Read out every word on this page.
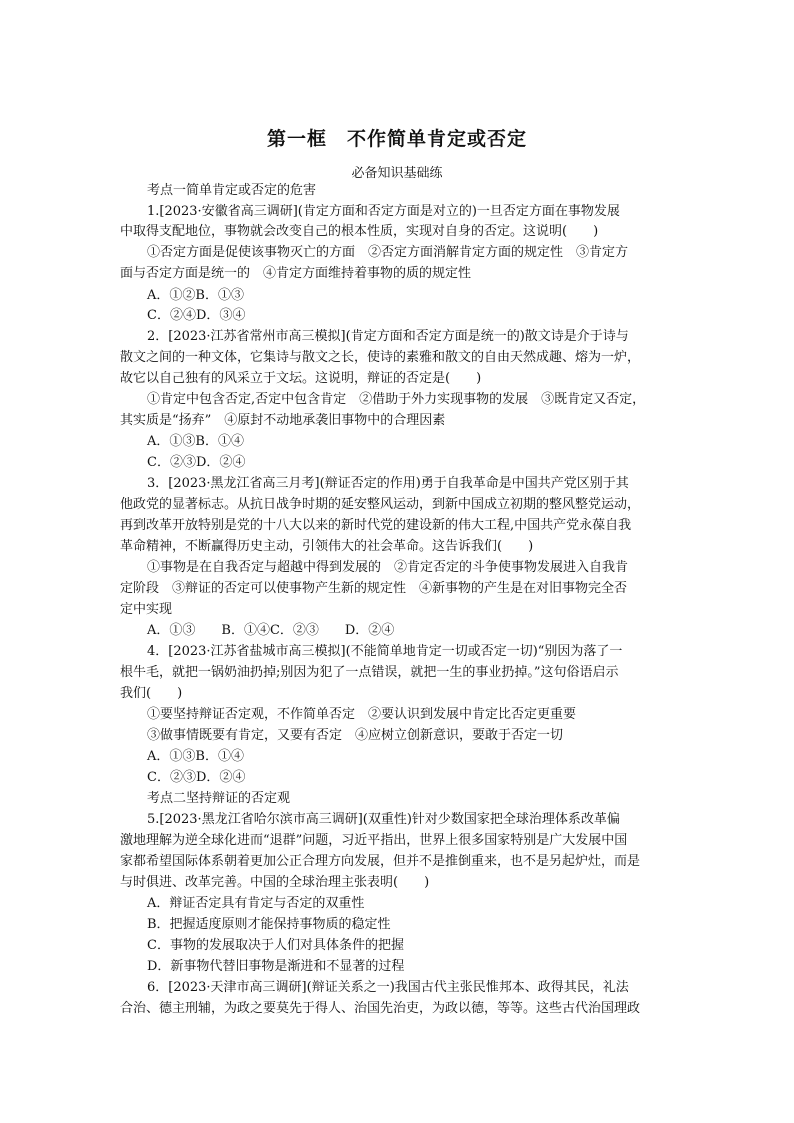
第一框　不作简单肯定或否定
必备知识基础练
考点一简单肯定或否定的危害
1.[2023·安徽省高三调研](肯定方面和否定方面是对立的)一旦否定方面在事物发展
中取得支配地位，事物就会改变自己的根本性质，实现对自身的否定。这说明(　　)
①否定方面是促使该事物灭亡的方面　②否定方面消解肯定方面的规定性　③肯定方
面与否定方面是统一的　④肯定方面维持着事物的质的规定性
A．①②B．①③
C．②④D．③④
2．[2023·江苏省常州市高三模拟](肯定方面和否定方面是统一的)散文诗是介于诗与
散文之间的一种文体，它集诗与散文之长，使诗的素雅和散文的自由天然成趣、熔为一炉，
故它以自己独有的风采立于文坛。这说明，辩证的否定是(　　)
①肯定中包含否定,否定中包含肯定　②借助于外力实现事物的发展　③既肯定又否定，
其实质是“扬弃”　④原封不动地承袭旧事物中的合理因素
A．①③B．①④
C．②③D．②④
3．[2023·黑龙江省高三月考](辩证否定的作用)勇于自我革命是中国共产党区别于其
他政党的显著标志。从抗日战争时期的延安整风运动，到新中国成立初期的整风整党运动，
再到改革开放特别是党的十八大以来的新时代党的建设新的伟大工程,中国共产党永葆自我
革命精神，不断赢得历史主动，引领伟大的社会革命。这告诉我们(　　)
①事物是在自我否定与超越中得到发展的　②肯定否定的斗争使事物发展进入自我肯
定阶段　③辩证的否定可以使事物产生新的规定性　④新事物的产生是在对旧事物完全否
定中实现
A．①③　　B．①④C．②③　　D．②④
4．[2023·江苏省盐城市高三模拟](不能简单地肯定一切或否定一切)“别因为落了一
根牛毛，就把一锅奶油扔掉;别因为犯了一点错误，就把一生的事业扔掉。”这句俗语启示
我们(　　)
①要坚持辩证否定观，不作简单否定　②要认识到发展中肯定比否定更重要
③做事情既要有肯定，又要有否定　④应树立创新意识，要敢于否定一切
A．①③B．①④
C．②③D．②④
考点二坚持辩证的否定观
5.[2023·黑龙江省哈尔滨市高三调研](双重性)针对少数国家把全球治理体系改革偏
激地理解为逆全球化进而“退群”问题，习近平指出，世界上很多国家特别是广大发展中国
家都希望国际体系朝着更加公正合理方向发展，但并不是推倒重来，也不是另起炉灶，而是
与时俱进、改革完善。中国的全球治理主张表明(　　)
A．辩证否定具有肯定与否定的双重性
B．把握适度原则才能保持事物质的稳定性
C．事物的发展取决于人们对具体条件的把握
D．新事物代替旧事物是渐进和不显著的过程
6．[2023·天津市高三调研](辩证关系之一)我国古代主张民惟邦本、政得其民，礼法
合治、德主刑辅，为政之要莫先于得人、治国先治吏，为政以德，等等。这些古代治国理政
